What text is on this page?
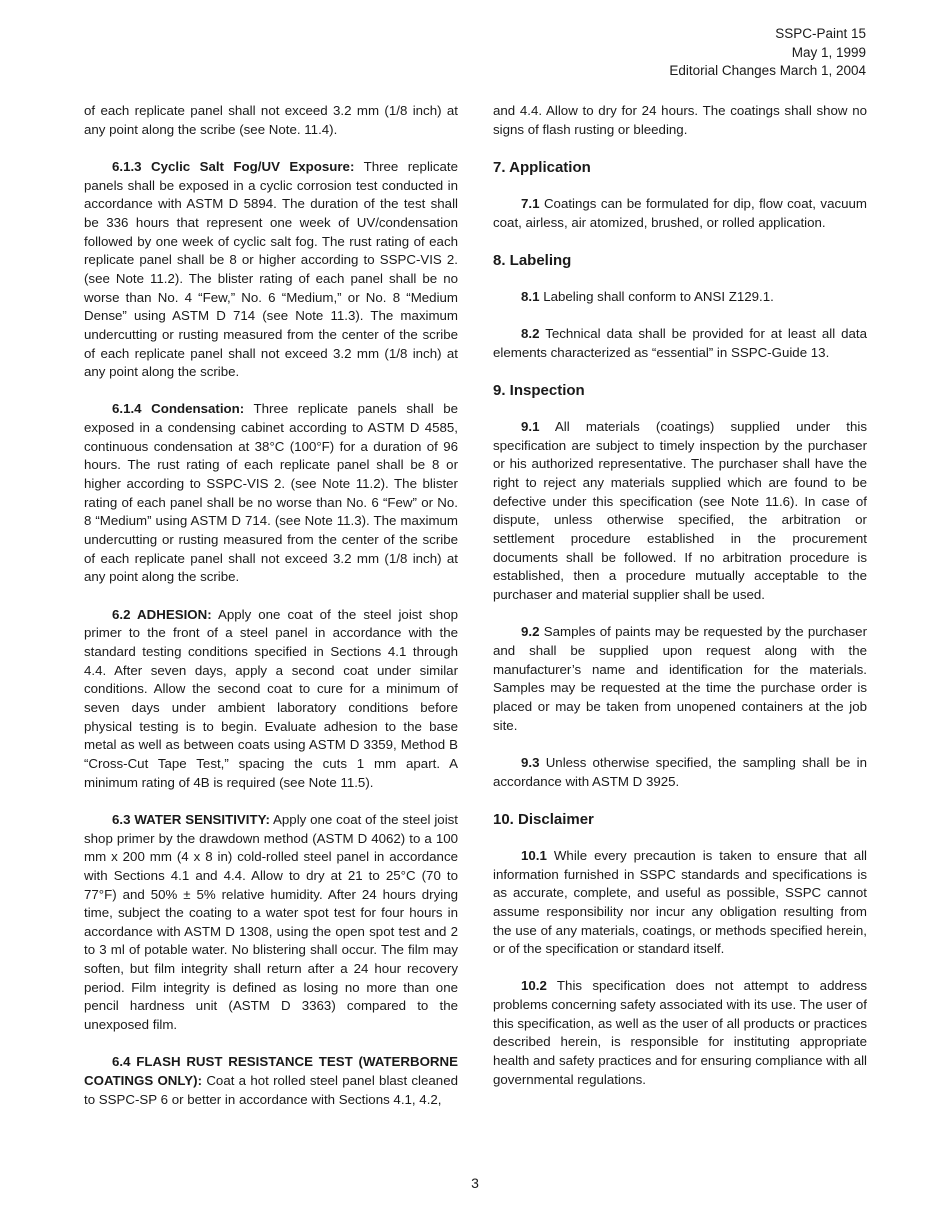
SSPC-Paint 15
May 1, 1999
Editorial Changes March 1, 2004

of each replicate panel shall not exceed 3.2 mm (1/8 inch) at any point along the scribe (see Note. 11.4).

6.1.3 Cyclic Salt Fog/UV Exposure: Three replicate panels shall be exposed in a cyclic corrosion test conducted in accordance with ASTM D 5894. The duration of the test shall be 336 hours that represent one week of UV/condensation followed by one week of cyclic salt fog. The rust rating of each replicate panel shall be 8 or higher according to SSPC-VIS 2. (see Note 11.2). The blister rating of each panel shall be no worse than No. 4 “Few,” No. 6 “Medium,” or No. 8 “Medium Dense” using ASTM D 714 (see Note 11.3). The maximum undercutting or rusting measured from the center of the scribe of each replicate panel shall not exceed 3.2 mm (1/8 inch) at any point along the scribe.

6.1.4 Condensation: Three replicate panels shall be exposed in a condensing cabinet according to ASTM D 4585, continuous condensation at 38°C (100°F) for a duration of 96 hours. The rust rating of each replicate panel shall be 8 or higher according to SSPC-VIS 2. (see Note 11.2). The blister rating of each panel shall be no worse than No. 6 “Few” or No. 8 “Medium” using ASTM D 714. (see Note 11.3). The maximum undercutting or rusting measured from the center of the scribe of each replicate panel shall not exceed 3.2 mm (1/8 inch) at any point along the scribe.

6.2 ADHESION: Apply one coat of the steel joist shop primer to the front of a steel panel in accordance with the standard testing conditions specified in Sections 4.1 through 4.4. After seven days, apply a second coat under similar conditions. Allow the second coat to cure for a minimum of seven days under ambient laboratory conditions before physical testing is to begin. Evaluate adhesion to the base metal as well as between coats using ASTM D 3359, Method B “Cross-Cut Tape Test,” spacing the cuts 1 mm apart. A minimum rating of 4B is required (see Note 11.5).

6.3 WATER SENSITIVITY: Apply one coat of the steel joist shop primer by the drawdown method (ASTM D 4062) to a 100 mm x 200 mm (4 x 8 in) cold-rolled steel panel in accordance with Sections 4.1 and 4.4. Allow to dry at 21 to 25°C (70 to 77°F) and 50% ± 5% relative humidity. After 24 hours drying time, subject the coating to a water spot test for four hours in accordance with ASTM D 1308, using the open spot test and 2 to 3 ml of potable water. No blistering shall occur. The film may soften, but film integrity shall return after a 24 hour recovery period. Film integrity is defined as losing no more than one pencil hardness unit (ASTM D 3363) compared to the unexposed film.

6.4 FLASH RUST RESISTANCE TEST (WATERBORNE COATINGS ONLY): Coat a hot rolled steel panel blast cleaned to SSPC-SP 6 or better in accordance with Sections 4.1, 4.2,

and 4.4. Allow to dry for 24 hours. The coatings shall show no signs of flash rusting or bleeding.

7. Application

7.1 Coatings can be formulated for dip, flow coat, vacuum coat, airless, air atomized, brushed, or rolled application.

8. Labeling

8.1 Labeling shall conform to ANSI Z129.1.

8.2 Technical data shall be provided for at least all data elements characterized as “essential” in SSPC-Guide 13.

9. Inspection

9.1 All materials (coatings) supplied under this specification are subject to timely inspection by the purchaser or his authorized representative. The purchaser shall have the right to reject any materials supplied which are found to be defective under this specification (see Note 11.6). In case of dispute, unless otherwise specified, the arbitration or settlement procedure established in the procurement documents shall be followed. If no arbitration procedure is established, then a procedure mutually acceptable to the purchaser and material supplier shall be used.

9.2 Samples of paints may be requested by the purchaser and shall be supplied upon request along with the manufacturer’s name and identification for the materials. Samples may be requested at the time the purchase order is placed or may be taken from unopened containers at the job site.

9.3 Unless otherwise specified, the sampling shall be in accordance with ASTM D 3925.

10. Disclaimer

10.1 While every precaution is taken to ensure that all information furnished in SSPC standards and specifications is as accurate, complete, and useful as possible, SSPC cannot assume responsibility nor incur any obligation resulting from the use of any materials, coatings, or methods specified herein, or of the specification or standard itself.

10.2 This specification does not attempt to address problems concerning safety associated with its use. The user of this specification, as well as the user of all products or practices described herein, is responsible for instituting appropriate health and safety practices and for ensuring compliance with all governmental regulations.

3
